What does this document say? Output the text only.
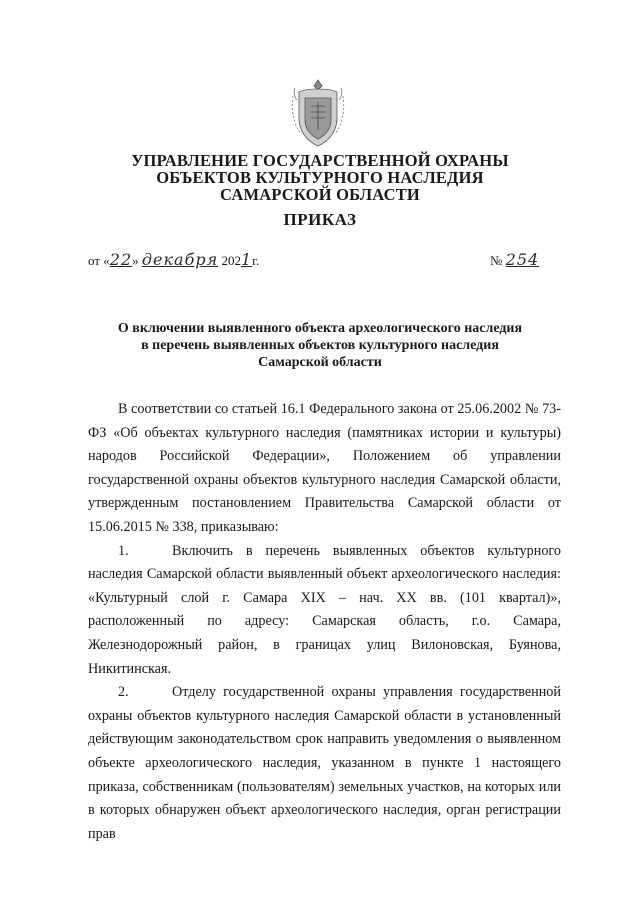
УПРАВЛЕНИЕ ГОСУДАРСТВЕННОЙ ОХРАНЫ
ОБЪЕКТОВ КУЛЬТУРНОГО НАСЛЕДИЯ
САМАРСКОЙ ОБЛАСТИ
ПРИКАЗ
от «22» декабря 2021г.	№ 254
О включении выявленного объекта археологического наследия
в перечень выявленных объектов культурного наследия
Самарской области

В соответствии со статьей 16.1 Федерального закона от 25.06.2002 № 73-ФЗ «Об объектах культурного наследия (памятниках истории и культуры) народов Российской Федерации», Положением об управлении государственной охраны объектов культурного наследия Самарской области, утвержденным постановлением Правительства Самарской области от 15.06.2015 № 338, приказываю:

1.	Включить в перечень выявленных объектов культурного наследия Самарской области выявленный объект археологического наследия: «Культурный слой г. Самара XIX – нач. XX вв. (101 квартал)», расположенный по адресу: Самарская область, г.о. Самара, Железнодорожный район, в границах улиц Вилоновская, Буянова, Никитинская.

2.	Отделу государственной охраны управления государственной охраны объектов культурного наследия Самарской области в установленный действующим законодательством срок направить уведомления о выявленном объекте археологического наследия, указанном в пункте 1 настоящего приказа, собственникам (пользователям) земельных участков, на которых или в которых обнаружен объект археологического наследия, орган регистрации прав
